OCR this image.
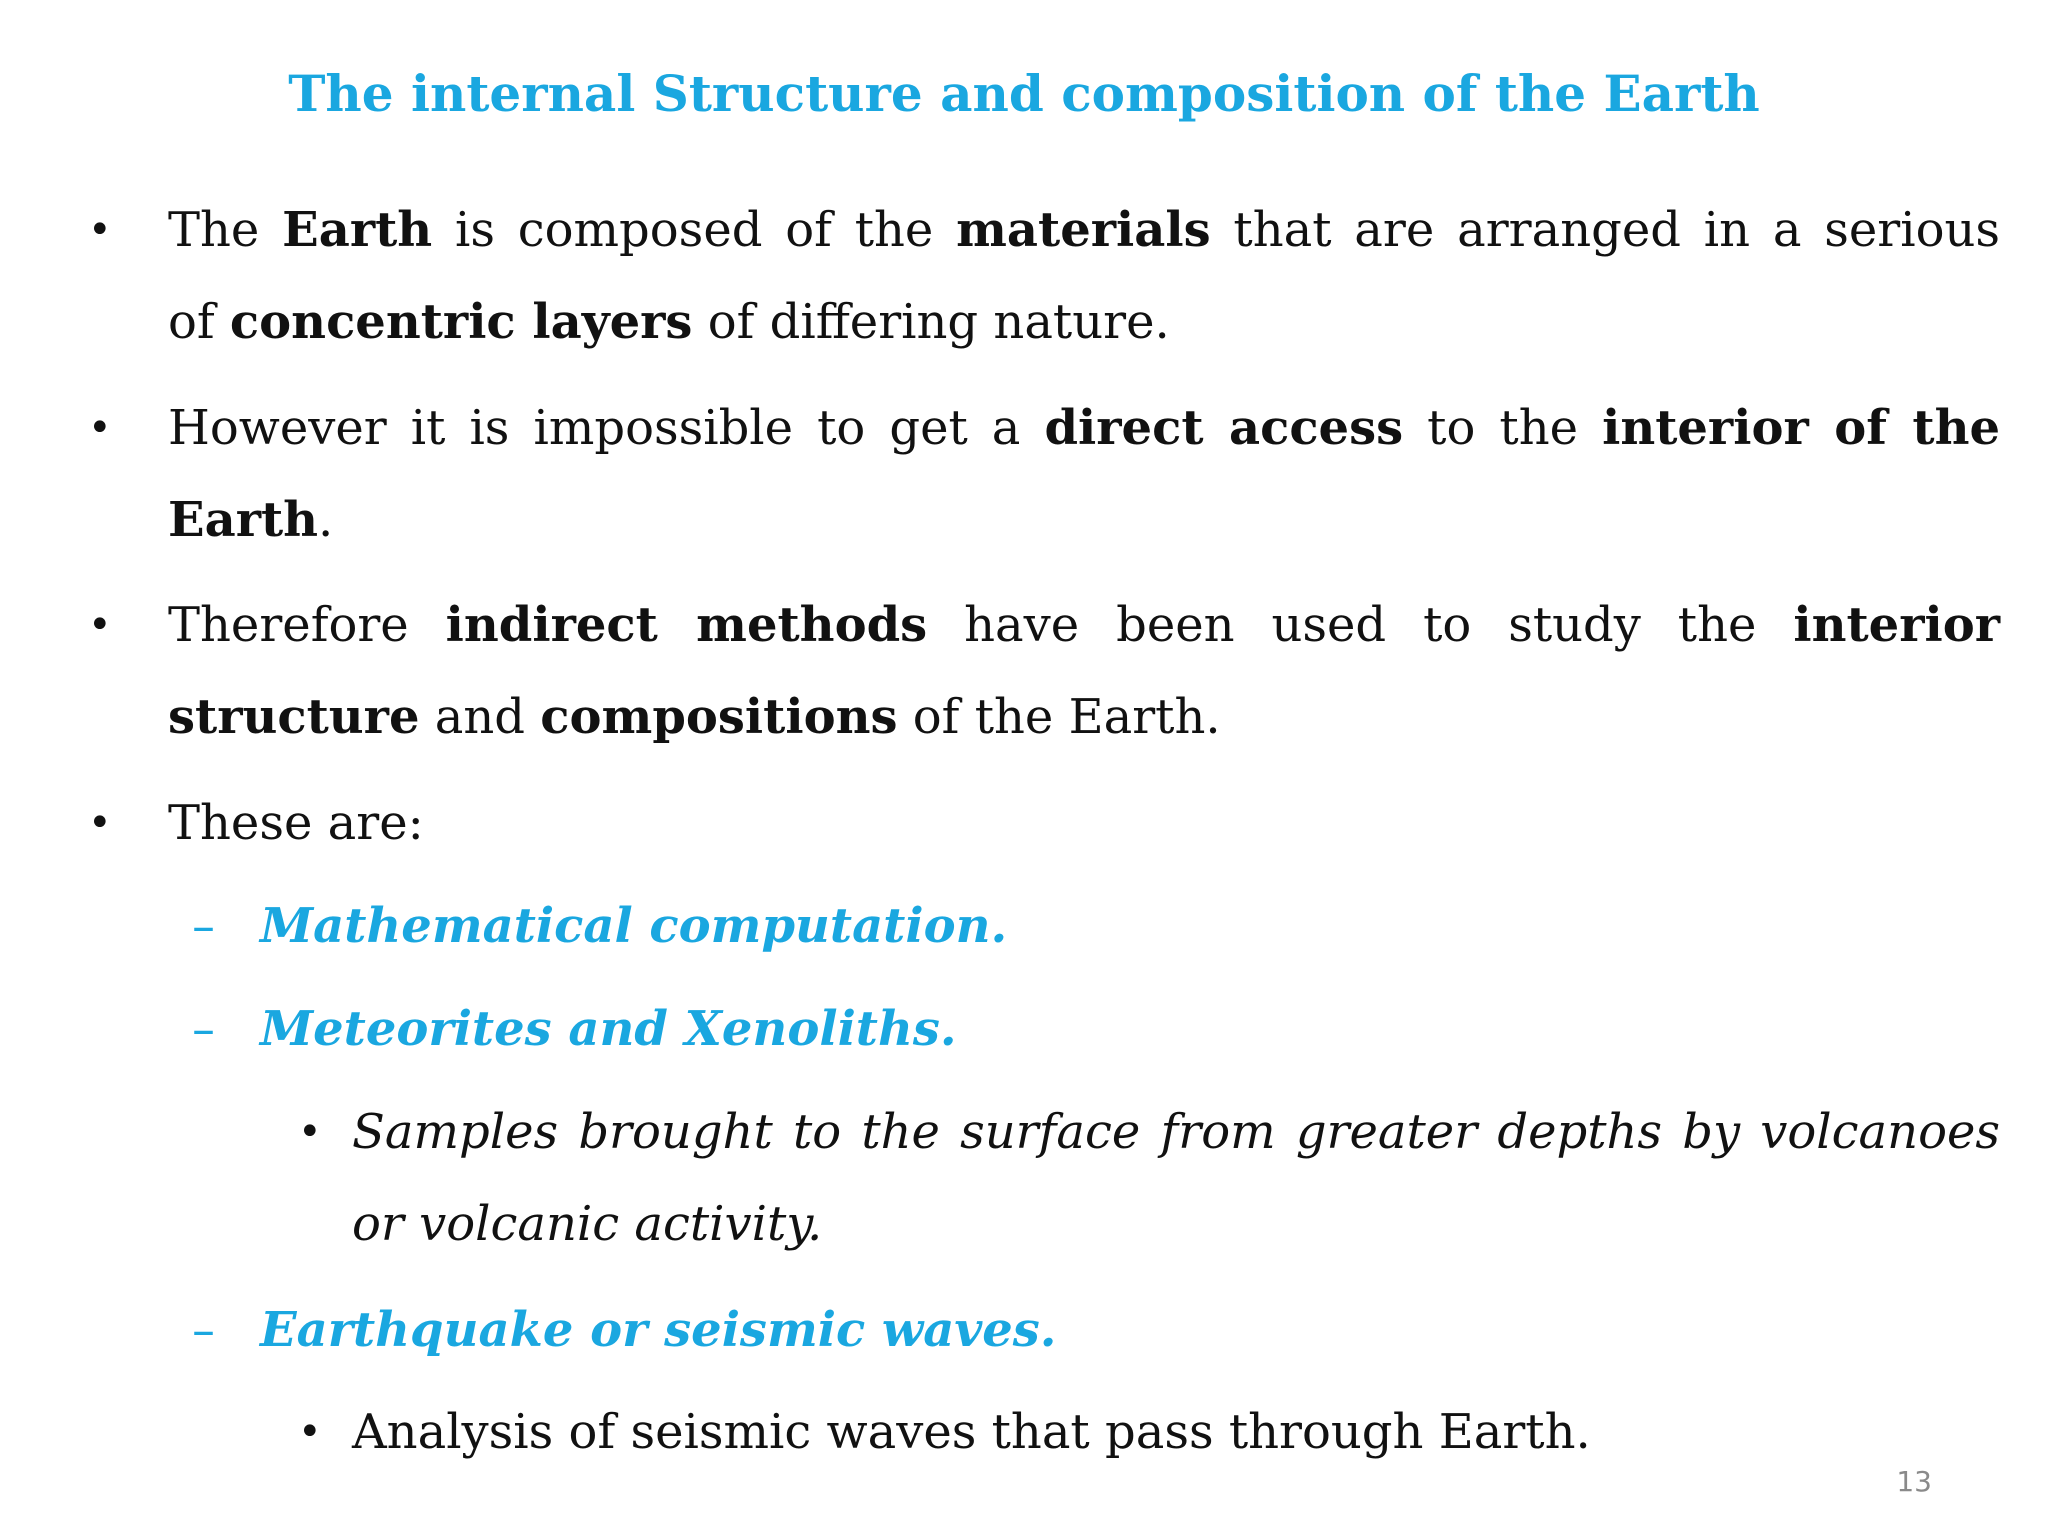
The internal Structure and composition of the Earth
• The Earth is composed of the materials that are arranged in a serious
of concentric layers of differing nature.
• However it is impossible to get a direct access to the interior of the
Earth.
• Therefore indirect methods have been used to study the interior
structure and compositions of the Earth.
• These are:
– Mathematical computation.
– Meteorites and Xenoliths.
• Samples brought to the surface from greater depths by volcanoes
or volcanic activity.
– Earthquake or seismic waves.
• Analysis of seismic waves that pass through Earth.
13
